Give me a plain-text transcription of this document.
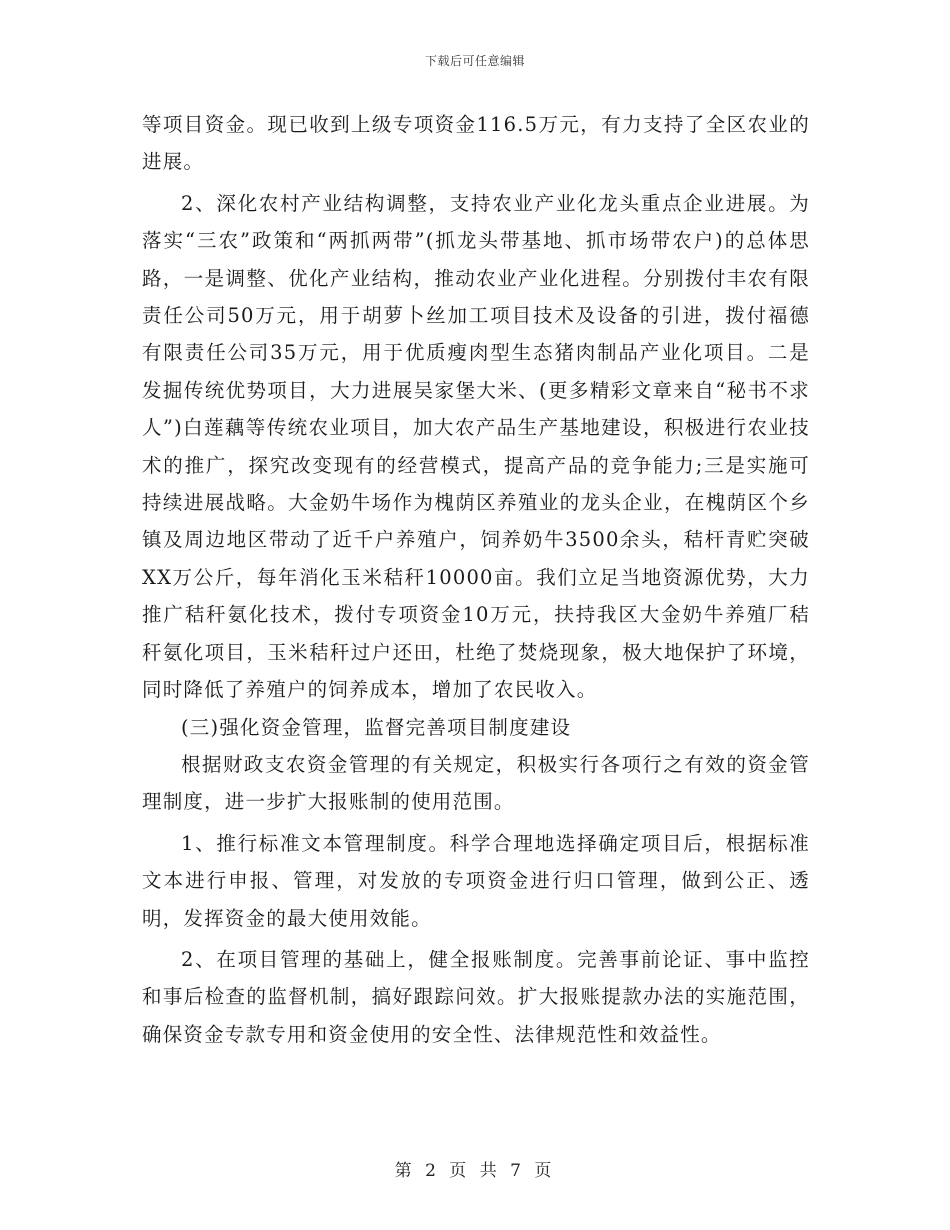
下载后可任意编辑

等项目资金。现已收到上级专项资金116.5万元，有力支持了全区农业的进展。

2、深化农村产业结构调整，支持农业产业化龙头重点企业进展。为落实“三农”政策和“两抓两带”(抓龙头带基地、抓市场带农户)的总体思路，一是调整、优化产业结构，推动农业产业化进程。分别拨付丰农有限责任公司50万元，用于胡萝卜丝加工项目技术及设备的引进，拨付福德有限责任公司35万元，用于优质瘦肉型生态猪肉制品产业化项目。二是发掘传统优势项目，大力进展吴家堡大米、(更多精彩文章来自“秘书不求人”)白莲藕等传统农业项目，加大农产品生产基地建设，积极进行农业技术的推广，探究改变现有的经营模式，提高产品的竞争能力;三是实施可持续进展战略。大金奶牛场作为槐荫区养殖业的龙头企业，在槐荫区个乡镇及周边地区带动了近千户养殖户，饲养奶牛3500余头，秸杆青贮突破XX万公斤，每年消化玉米秸秆10000亩。我们立足当地资源优势，大力推广秸秆氨化技术，拨付专项资金10万元，扶持我区大金奶牛养殖厂秸秆氨化项目，玉米秸秆过户还田，杜绝了焚烧现象，极大地保护了环境，同时降低了养殖户的饲养成本，增加了农民收入。

(三)强化资金管理，监督完善项目制度建设

根据财政支农资金管理的有关规定，积极实行各项行之有效的资金管理制度，进一步扩大报账制的使用范围。

1、推行标准文本管理制度。科学合理地选择确定项目后，根据标准文本进行申报、管理，对发放的专项资金进行归口管理，做到公正、透明，发挥资金的最大使用效能。

2、在项目管理的基础上，健全报账制度。完善事前论证、事中监控和事后检查的监督机制，搞好跟踪问效。扩大报账提款办法的实施范围，确保资金专款专用和资金使用的安全性、法律规范性和效益性。

第 2 页 共 7 页
